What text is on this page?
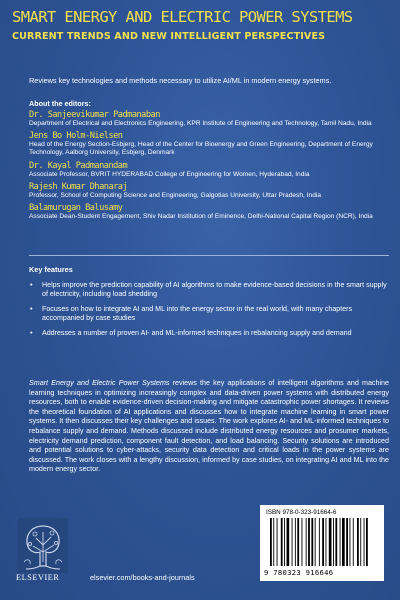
SMART ENERGY AND ELECTRIC POWER SYSTEMS
CURRENT TRENDS AND NEW INTELLIGENT PERSPECTIVES
Reviews key technologies and methods necessary to utilize AI/ML in modern energy systems.
About the editors:
Dr. Sanjeevikumar Padmanaban
Department of Electrical and Electronics Engineering, KPR Institute of Engineering and Technology, Tamil Nadu, India
Jens Bo Holm-Nielsen
Head of the Energy Section-Esbjerg, Head of the Center for Bioenergy and Green Engineering, Department of Energy Technology, Aalborg University, Esbjerg, Denmark
Dr. Kayal Padmanandam
Associate Professor, BVRIT HYDERABAD College of Engineering for Women, Hyderabad, India
Rajesh Kumar Dhanaraj
Professor, School of Computing Science and Engineering, Galgotias University, Uttar Pradesh, India
Balamurugan Balusamy
Associate Dean-Student Engagement, Shiv Nadar Institution of Eminence, Delhi-National Capital Region (NCR), India
Key features
• Helps improve the prediction capability of AI algorithms to make evidence-based decisions in the smart supply of electricity, including load shedding
• Focuses on how to integrate AI and ML into the energy sector in the real world, with many chapters accompanied by case studies
• Addresses a number of proven AI- and ML-informed techniques in rebalancing supply and demand
Smart Energy and Electric Power Systems reviews the key applications of intelligent algorithms and machine learning techniques in optimizing increasingly complex and data-driven power systems with distributed energy resources, both to enable evidence-driven decision-making and mitigate catastrophic power shortages. It reviews the theoretical foundation of AI applications and discusses how to integrate machine learning in smart power systems. It then discusses their key challenges and issues. The work explores AI- and ML-informed techniques to rebalance supply and demand. Methods discussed include distributed energy resources and prosumer markets, electricity demand prediction, component fault detection, and load balancing. Security solutions are introduced and potential solutions to cyber-attacks, security data detection and critical loads in the power systems are discussed. The work closes with a lengthy discussion, informed by case studies, on integrating AI and ML into the modern energy sector.
ELSEVIER	elsevier.com/books-and-journals
ISBN 978-0-323-91664-6
9 780323 916646
